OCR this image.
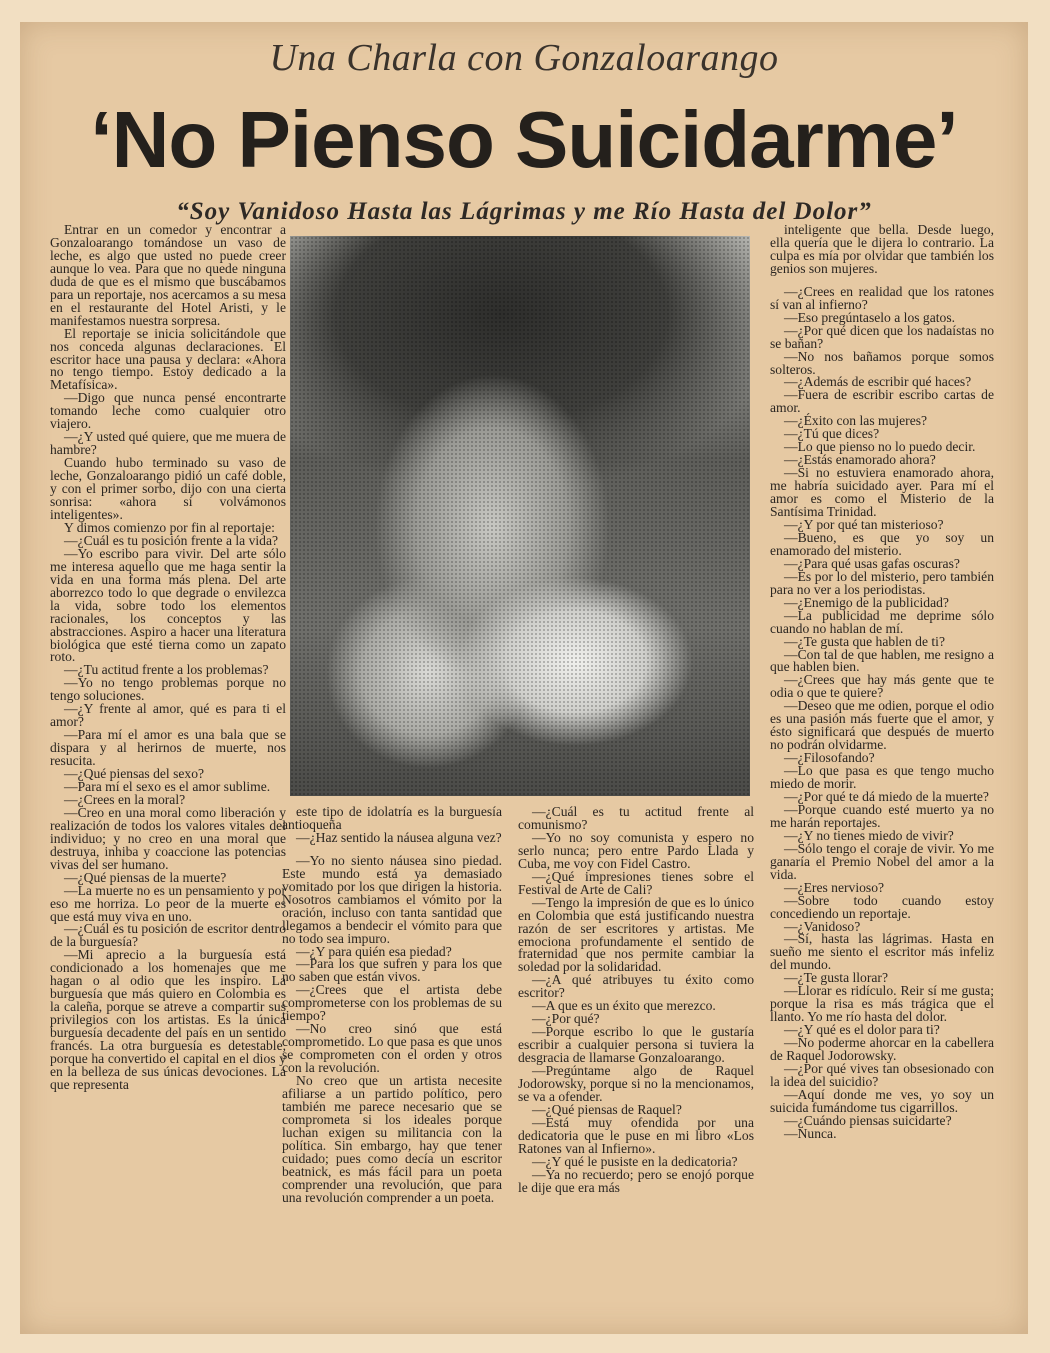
Una Charla con Gonzaloarango
‘No Pienso Suicidarme’
“Soy Vanidoso Hasta las Lágrimas y me Río Hasta del Dolor”

Entrar en un comedor y encontrar a Gonzaloarango tomándose un vaso de leche, es algo que usted no puede creer aunque lo vea. Para que no quede ninguna duda de que es el mismo que buscábamos para un reportaje, nos acercamos a su mesa en el restaurante del Hotel Aristi, y le manifestamos nuestra sorpresa.

El reportaje se inicia solicitándole que nos conceda algunas declaraciones. El escritor hace una pausa y declara: «Ahora no tengo tiempo. Estoy dedicado a la Metafísica».

—Digo que nunca pensé encontrarte tomando leche como cualquier otro viajero.

—¿Y usted qué quiere, que me muera de hambre?

Cuando hubo terminado su vaso de leche, Gonzaloarango pidió un café doble, y con el primer sorbo, dijo con una cierta sonrisa: «ahora sí volvámonos inteligentes».

Y dimos comienzo por fin al reportaje:

—¿Cuál es tu posición frente a la vida?

—Yo escribo para vivir. Del arte sólo me interesa aquello que me haga sentir la vida en una forma más plena. Del arte aborrezco todo lo que degrade o envilezca la vida, sobre todo los elementos racionales, los conceptos y las abstracciones. Aspiro a hacer una literatura biológica que esté tierna como un zapato roto.

—¿Tu actitud frente a los problemas?

—Yo no tengo problemas porque no tengo soluciones.

—¿Y frente al amor, qué es para ti el amor?

—Para mí el amor es una bala que se dispara y al herirnos de muerte, nos resucita.

—¿Qué piensas del sexo?

—Para mí el sexo es el amor sublime.

—¿Crees en la moral?

—Creo en una moral como liberación y realización de todos los valores vitales del individuo; y no creo en una moral que destruya, inhiba y coaccione las potencias vivas del ser humano.

—¿Qué piensas de la muerte?

—La muerte no es un pensamiento y por eso me horriza. Lo peor de la muerte es que está muy viva en uno.

—¿Cuál es tu posición de escritor dentro de la burguesía?

—Mi aprecio a la burguesía está condicionado a los homenajes que me hagan o al odio que les inspiro. La burguesía que más quiero en Colombia es la caleña, porque se atreve a compartir sus privilegios con los artistas. Es la única burguesía decadente del país en un sentido francés. La otra burguesía es detestable, porque ha convertido el capital en el dios y en la belleza de sus únicas devociones. La que representa

este tipo de idolatría es la burguesía antioqueña

—¿Haz sentido la náusea alguna vez?

—Yo no siento náusea sino piedad. Este mundo está ya demasiado vomitado por los que dirigen la historia. Nosotros cambiamos el vómito por la oración, incluso con tanta santidad que llegamos a bendecir el vómito para que no todo sea impuro.

—¿Y para quién esa piedad?

—Para los que sufren y para los que no saben que están vivos.

—¿Crees que el artista debe comprometerse con los problemas de su tiempo?

—No creo sinó que está comprometido. Lo que pasa es que unos se comprometen con el orden y otros con la revolución.

No creo que un artista necesite afiliarse a un partido político, pero también me parece necesario que se comprometa si los ideales porque luchan exigen su militancia con la política. Sin embargo, hay que tener cuidado; pues como decía un escritor beatnick, es más fácil para un poeta comprender una revolución, que para una revolución comprender a un poeta.

—¿Cuál es tu actitud frente al comunismo?

—Yo no soy comunista y espero no serlo nunca; pero entre Pardo Llada y Cuba, me voy con Fidel Castro.

—¿Qué impresiones tienes sobre el Festival de Arte de Cali?

—Tengo la impresión de que es lo único en Colombia que está justificando nuestra razón de ser escritores y artistas. Me emociona profundamente el sentido de fraternidad que nos permite cambiar la soledad por la solidaridad.

—¿A qué atribuyes tu éxito como escritor?

—A que es un éxito que merezco.

—¿Por qué?

—Porque escribo lo que le gustaría escribir a cualquier persona si tuviera la desgracia de llamarse Gonzaloarango.

—Pregúntame algo de Raquel Jodorowsky, porque si no la mencionamos, se va a ofender.

—¿Qué piensas de Raquel?

—Está muy ofendida por una dedicatoria que le puse en mi libro «Los Ratones van al Infierno».

—¿Y qué le pusiste en la dedicatoria?

—Ya no recuerdo; pero se enojó porque le dije que era más

inteligente que bella. Desde luego, ella quería que le dijera lo contrario. La culpa es mía por olvidar que también los genios son mujeres.

—¿Crees en realidad que los ratones sí van al infierno?

—Eso pregúntaselo a los gatos.

—¿Por qué dicen que los nadaístas no se bañan?

—No nos bañamos porque somos solteros.

—¿Además de escribir qué haces?

—Fuera de escribir escribo cartas de amor.

—¿Éxito con las mujeres?

—¿Tú que dices?

—Lo que pienso no lo puedo decir.

—¿Estás enamorado ahora?

—Si no estuviera enamorado ahora, me habría suicidado ayer. Para mí el amor es como el Misterio de la Santísima Trinidad.

—¿Y por qué tan misterioso?

—Bueno, es que yo soy un enamorado del misterio.

—¿Para qué usas gafas oscuras?

—Es por lo del misterio, pero también para no ver a los periodistas.

—¿Enemigo de la publicidad?

—La publicidad me deprime sólo cuando no hablan de mí.

—¿Te gusta que hablen de ti?

—Con tal de que hablen, me resigno a que hablen bien.

—¿Crees que hay más gente que te odia o que te quiere?

—Deseo que me odien, porque el odio es una pasión más fuerte que el amor, y ésto significará que después de muerto no podrán olvidarme.

—¿Filosofando?

—Lo que pasa es que tengo mucho miedo de morir.

—¿Por qué te dá miedo de la muerte?

—Porque cuando esté muerto ya no me harán reportajes.

—¿Y no tienes miedo de vivir?

—Sólo tengo el coraje de vivir. Yo me ganaría el Premio Nobel del amor a la vida.

—¿Eres nervioso?

—Sobre todo cuando estoy concediendo un reportaje.

—¿Vanidoso?

—Sí, hasta las lágrimas. Hasta en sueño me siento el escritor más infeliz del mundo.

—¿Te gusta llorar?

—Llorar es ridículo. Reir sí me gusta; porque la risa es más trágica que el llanto. Yo me río hasta del dolor.

—¿Y qué es el dolor para ti?

—No poderme ahorcar en la cabellera de Raquel Jodorowsky.

—¿Por qué vives tan obsesionado con la idea del suicidio?

—Aquí donde me ves, yo soy un suicida fumándome tus cigarrillos.

—¿Cuándo piensas suicidarte?

—Nunca.
